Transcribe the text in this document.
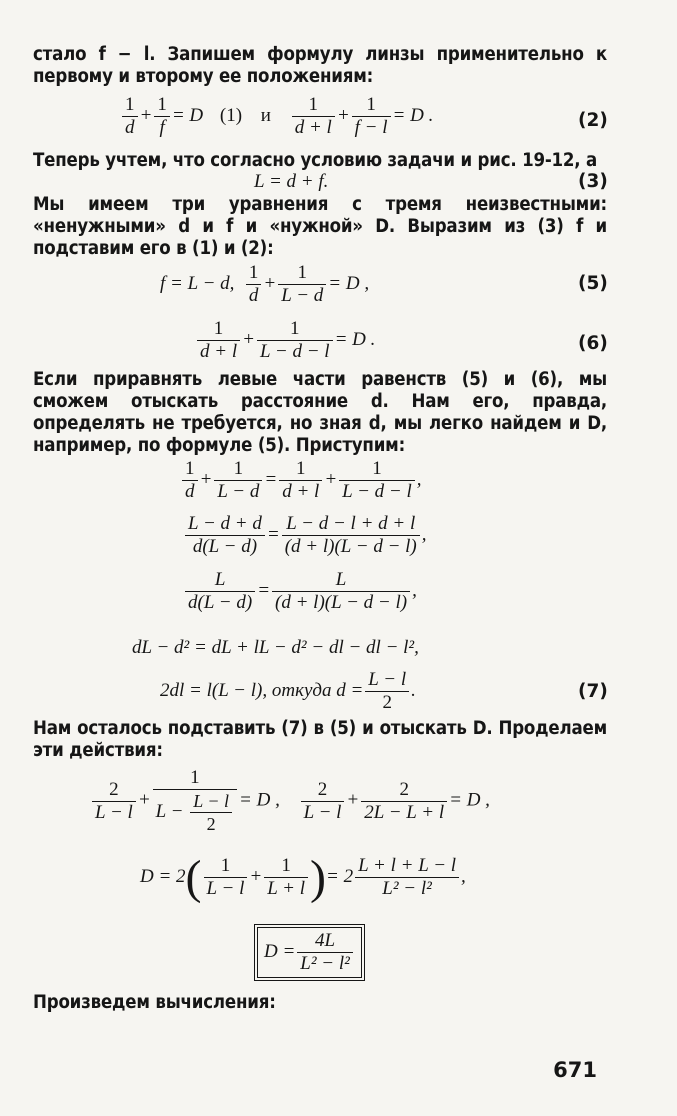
стало f − l. Запишем формулу линзы применительно к первому и второму ее положениям:
$\frac{1}{d} + \frac{1}{f} = D$ (1) и $\frac{1}{d + l} + \frac{1}{f - l} = D$ .	(2)
Теперь учтем, что согласно условию задачи и рис. 19-12, а
L = d + f.	(3)
Мы имеем три уравнения с тремя неизвестными: «ненужными» d и f и «нужной» D. Выразим из (3) f и подставим его в (1) и (2):
f = L − d, $\frac{1}{d} + \frac{1}{L - d} = D$ ,	(5)
$\frac{1}{d + l} + \frac{1}{L - d - l} = D$ .	(6)
Если приравнять левые части равенств (5) и (6), мы сможем отыскать расстояние d. Нам его, правда, определять не требуется, но зная d, мы легко найдем и D, например, по формуле (5). Приступим:
$\frac{1}{d} + \frac{1}{L - d} = \frac{1}{d + l} + \frac{1}{L - d - l}$ ,
$\frac{L - d + d}{d(L - d)} = \frac{L - d - l + d + l}{(d + l)(L - d - l)}$ ,
$\frac{L}{d(L - d)} = \frac{L}{(d + l)(L - d - l)}$ ,
dL − d² = dL + lL − d² − dl − dl − l²,
2dl = l(L − l), откуда $d = \frac{L - l}{2}$ .	(7)
Нам осталось подставить (7) в (5) и отыскать D. Проделаем эти действия:
$\frac{2}{L - l} + \frac{1}{L - \frac{L - l}{2}} = D$ , $\frac{2}{L - l} + \frac{2}{2L - L + l} = D$ ,
$D = 2( \frac{1}{L - l} + \frac{1}{L + l}$ )= $2 \frac{L + l + L - l}{\text{L² − l²}}$ ,
$D = \frac{4L}{\text{L² − l²}}$
Произведем вычисления:
671
